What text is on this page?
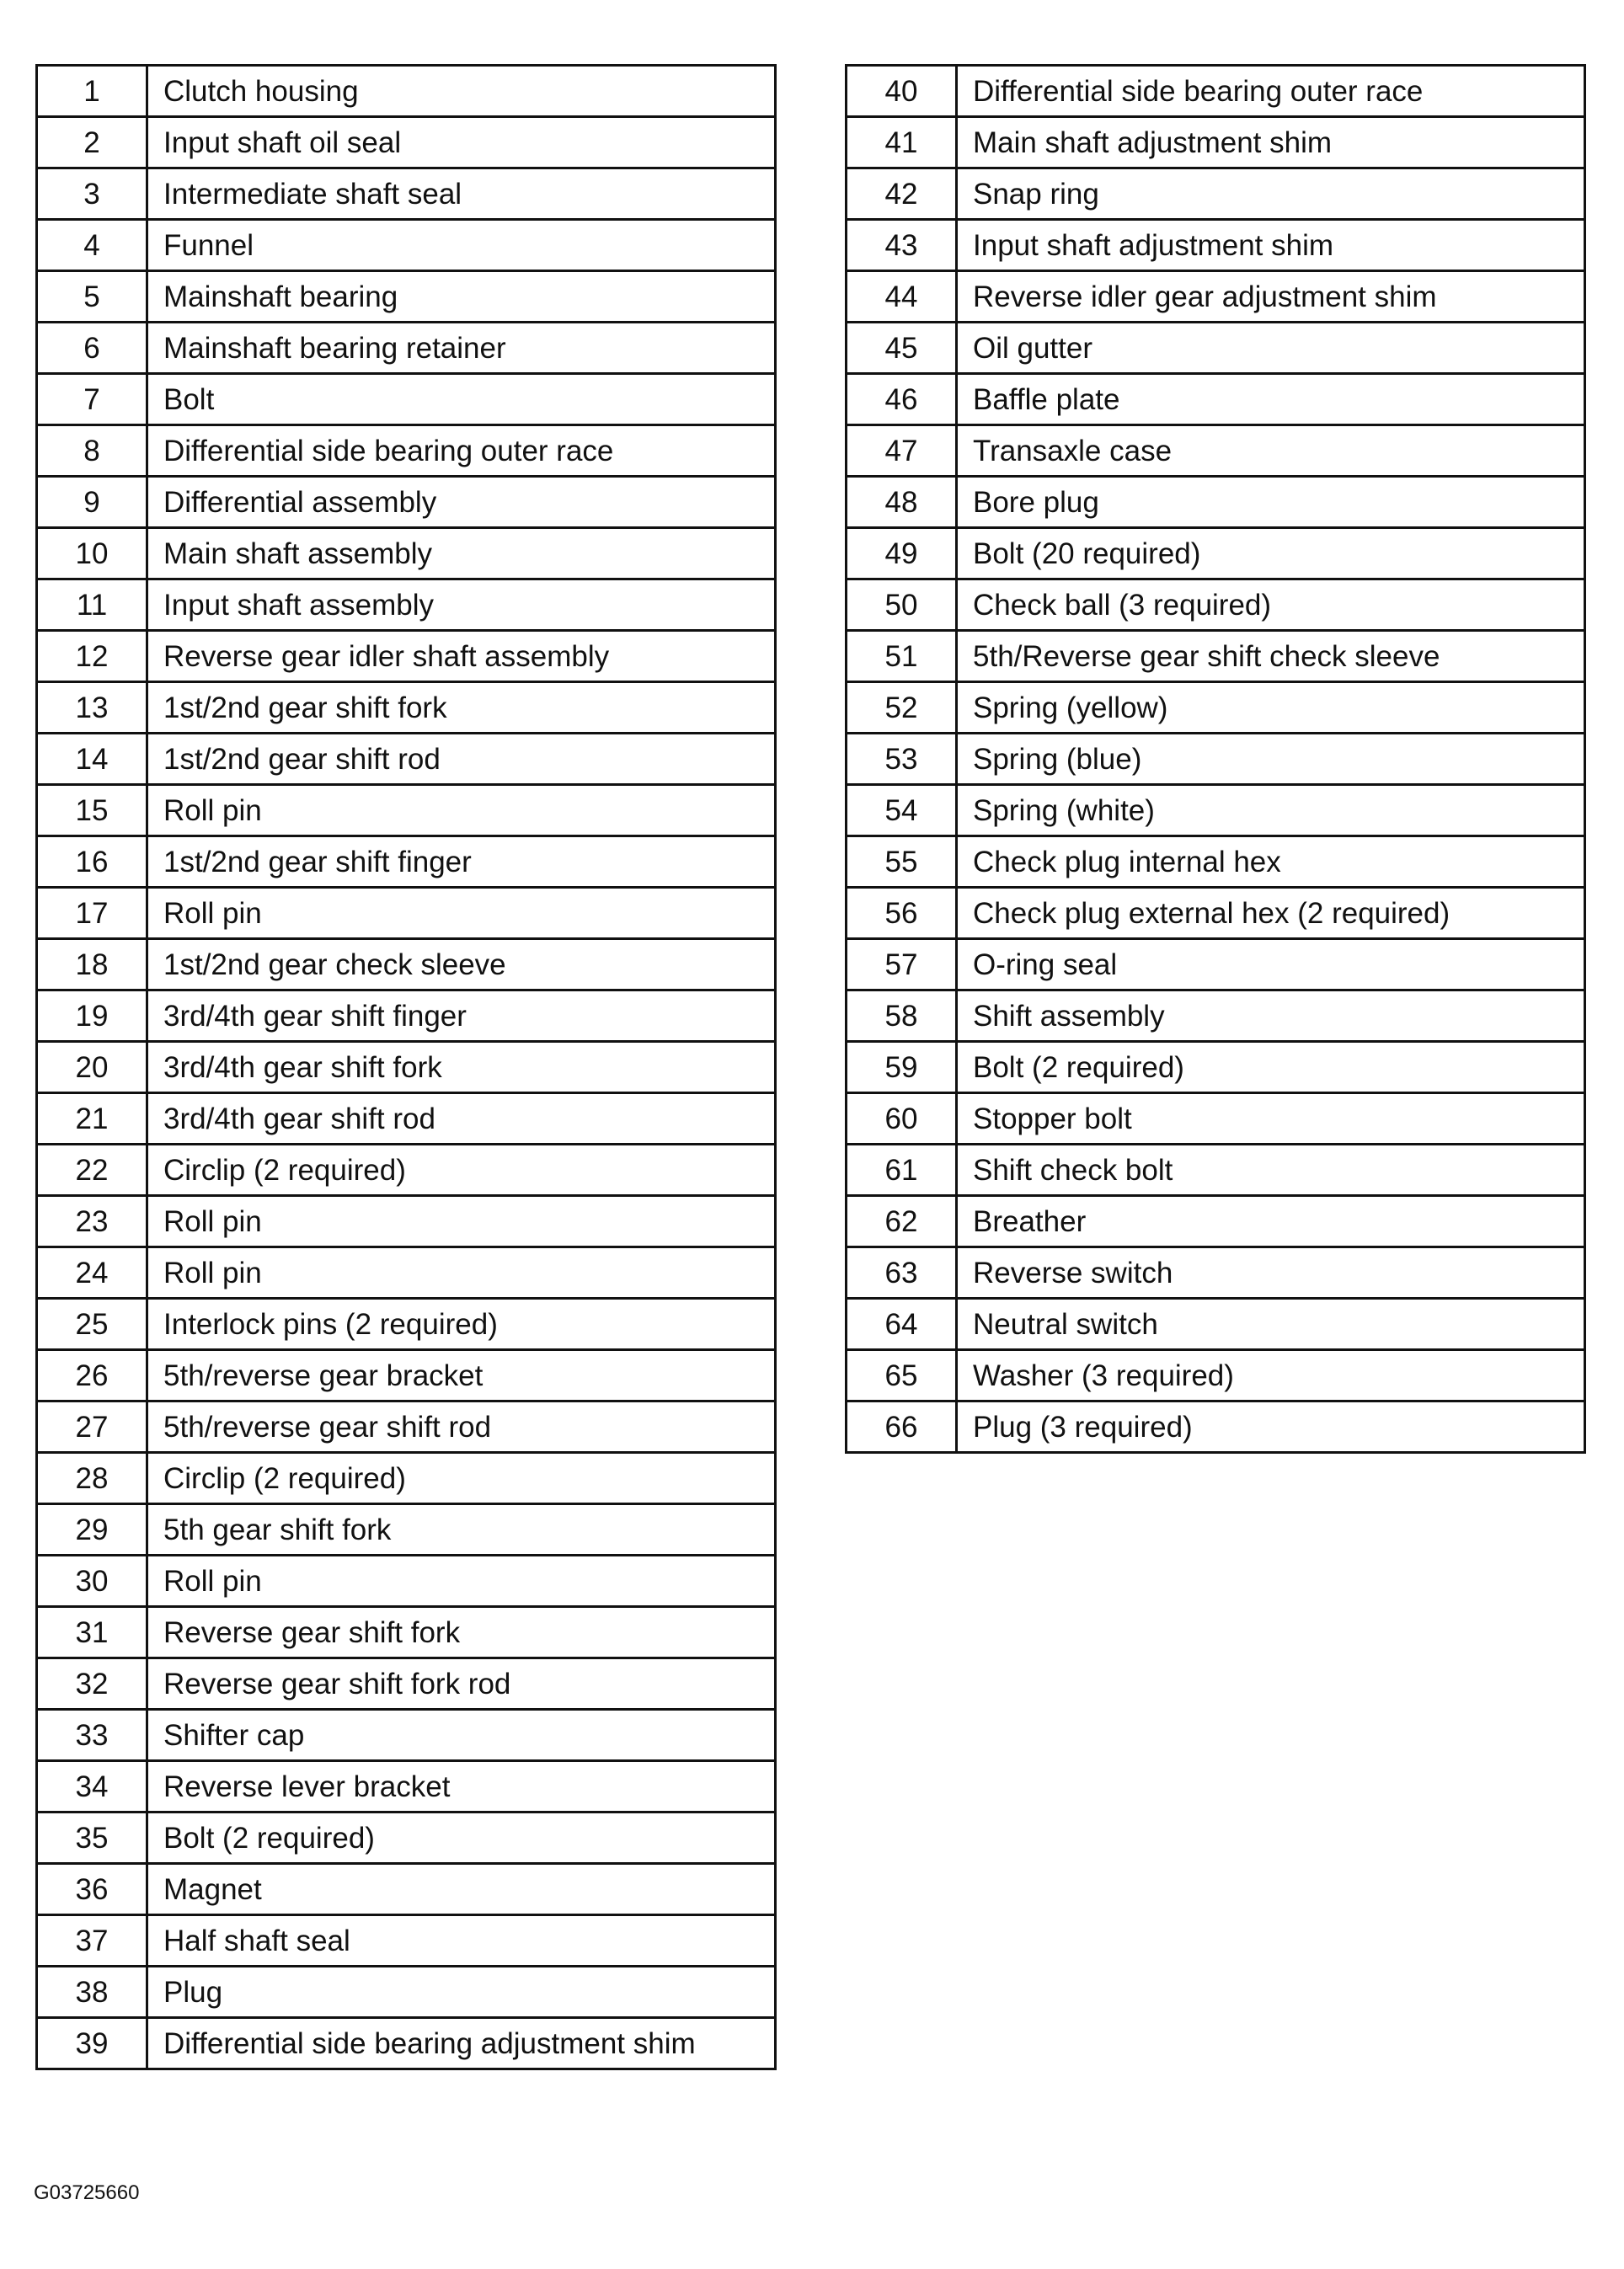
1	Clutch housing
2	Input shaft oil seal
3	Intermediate shaft seal
4	Funnel
5	Mainshaft bearing
6	Mainshaft bearing retainer
7	Bolt
8	Differential side bearing outer race
9	Differential assembly
10	Main shaft assembly
11	Input shaft assembly
12	Reverse gear idler shaft assembly
13	1st/2nd gear shift fork
14	1st/2nd gear shift rod
15	Roll pin
16	1st/2nd gear shift finger
17	Roll pin
18	1st/2nd gear check sleeve
19	3rd/4th gear shift finger
20	3rd/4th gear shift fork
21	3rd/4th gear shift rod
22	Circlip (2 required)
23	Roll pin
24	Roll pin
25	Interlock pins (2 required)
26	5th/reverse gear bracket
27	5th/reverse gear shift rod
28	Circlip (2 required)
29	5th gear shift fork
30	Roll pin
31	Reverse gear shift fork
32	Reverse gear shift fork rod
33	Shifter cap
34	Reverse lever bracket
35	Bolt (2 required)
36	Magnet
37	Half shaft seal
38	Plug
39	Differential side bearing adjustment shim
40	Differential side bearing outer race
41	Main shaft adjustment shim
42	Snap ring
43	Input shaft adjustment shim
44	Reverse idler gear adjustment shim
45	Oil gutter
46	Baffle plate
47	Transaxle case
48	Bore plug
49	Bolt (20 required)
50	Check ball (3 required)
51	5th/Reverse gear shift check sleeve
52	Spring (yellow)
53	Spring (blue)
54	Spring (white)
55	Check plug internal hex
56	Check plug external hex (2 required)
57	O-ring seal
58	Shift assembly
59	Bolt (2 required)
60	Stopper bolt
61	Shift check bolt
62	Breather
63	Reverse switch
64	Neutral switch
65	Washer (3 required)
66	Plug (3 required)
G03725660
